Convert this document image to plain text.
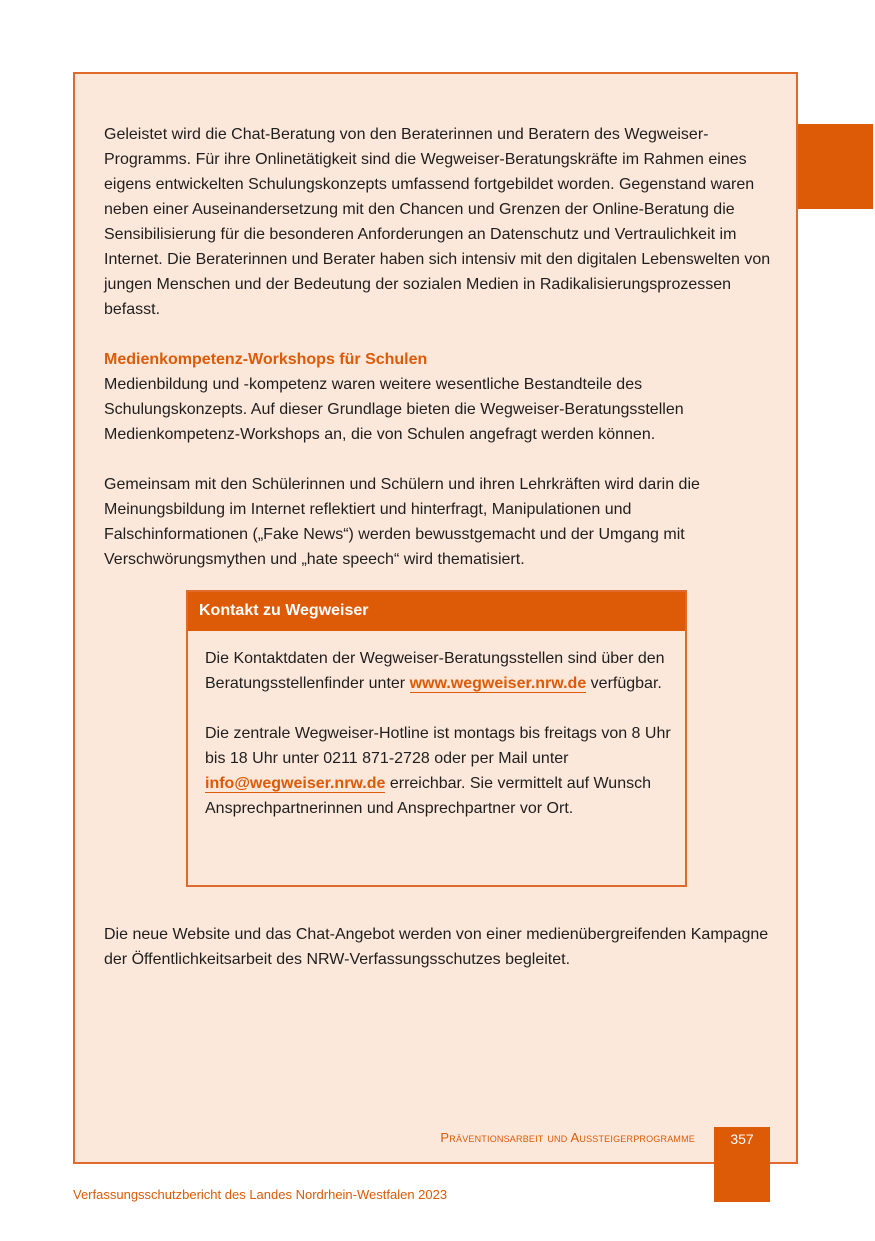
Geleistet wird die Chat-Beratung von den Beraterinnen und Beratern des Wegweiser-Programms. Für ihre Onlinetätigkeit sind die Wegweiser-Beratungskräfte im Rahmen eines eigens entwickelten Schulungskonzepts umfassend fortgebildet worden. Gegenstand waren neben einer Auseinandersetzung mit den Chancen und Grenzen der Online-Beratung die Sensibilisierung für die besonderen Anforderungen an Datenschutz und Vertraulichkeit im Internet. Die Beraterinnen und Berater haben sich intensiv mit den digitalen Lebenswelten von jungen Menschen und der Bedeutung der sozialen Medien in Radikalisierungsprozessen befasst.

Medienkompetenz-Workshops für Schulen
Medienbildung und -kompetenz waren weitere wesentliche Bestandteile des Schulungskonzepts. Auf dieser Grundlage bieten die Wegweiser-Beratungsstellen Medienkompetenz-Workshops an, die von Schulen angefragt werden können.

Gemeinsam mit den Schülerinnen und Schülern und ihren Lehrkräften wird darin die Meinungsbildung im Internet reflektiert und hinterfragt, Manipulationen und Falschinformationen („Fake News“) werden bewusstgemacht und der Umgang mit Verschwörungsmythen und „hate speech“ wird thematisiert.

Kontakt zu Wegweiser

Die Kontaktdaten der Wegweiser-Beratungsstellen sind über den Beratungsstellenfinder unter www.wegweiser.nrw.de verfügbar.

Die zentrale Wegweiser-Hotline ist montags bis freitags von 8 Uhr bis 18 Uhr unter 0211 871-2728 oder per Mail unter info@wegweiser.nrw.de erreichbar. Sie vermittelt auf Wunsch Ansprechpartnerinnen und Ansprechpartner vor Ort.

Die neue Website und das Chat-Angebot werden von einer medienübergreifenden Kampagne der Öffentlichkeitsarbeit des NRW-Verfassungsschutzes begleitet.

Präventionsarbeit und Aussteigerprogramme	357
Verfassungsschutzbericht des Landes Nordrhein-Westfalen 2023
